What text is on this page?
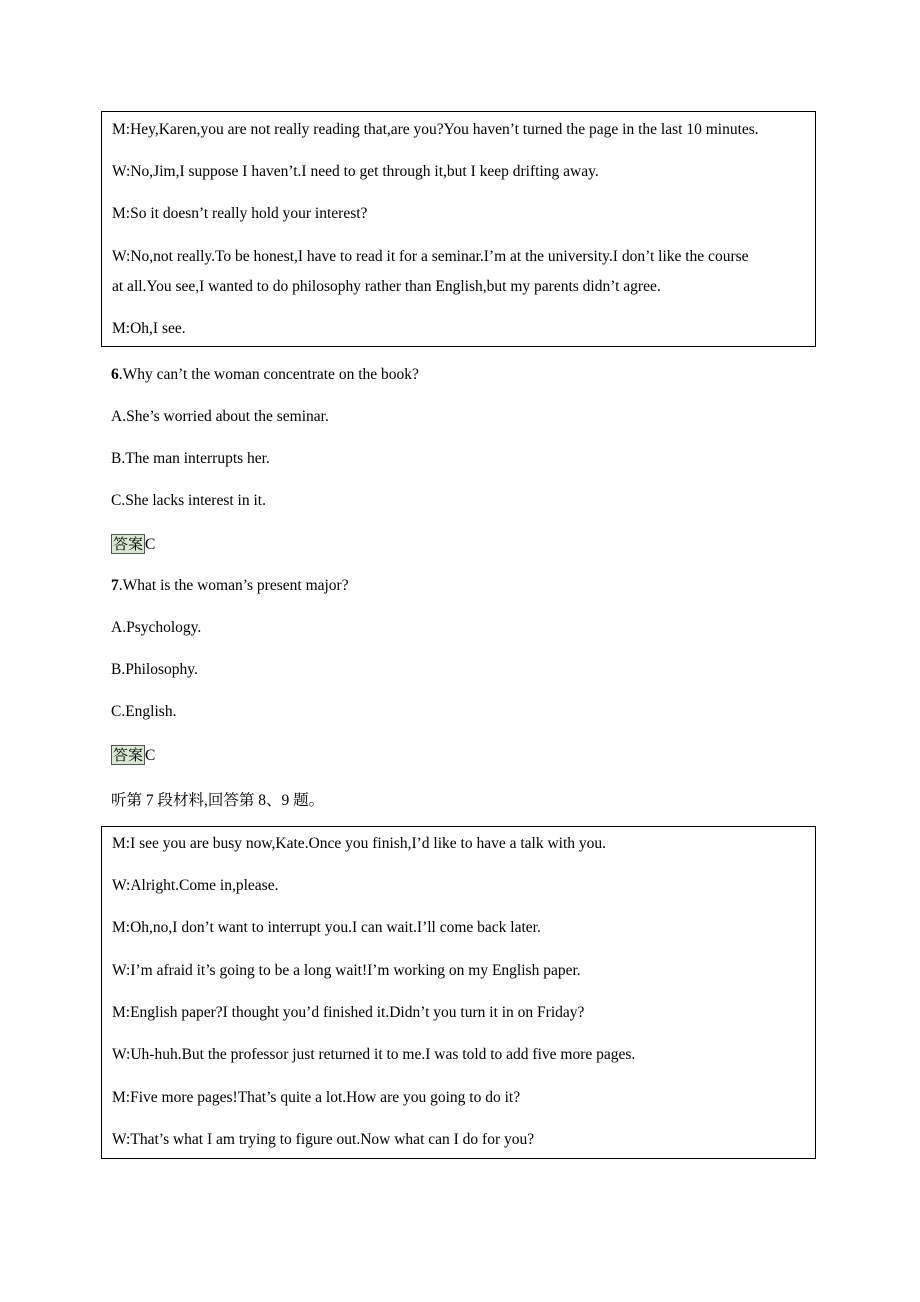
M:Hey,Karen,you are not really reading that,are you?You haven’t turned the page in the last 10 minutes.
W:No,Jim,I suppose I haven’t.I need to get through it,but I keep drifting away.
M:So it doesn’t really hold your interest?
W:No,not really.To be honest,I have to read it for a seminar.I’m at the university.I don’t like the course
at all.You see,I wanted to do philosophy rather than English,but my parents didn’t agree.
M:Oh,I see.
6.Why can’t the woman concentrate on the book?
A.She’s worried about the seminar.
B.The man interrupts her.
C.She lacks interest in it.
答案 C
7.What is the woman’s present major?
A.Psychology.
B.Philosophy.
C.English.
答案 C
听第 7 段材料,回答第 8、9 题。
M:I see you are busy now,Kate.Once you finish,I’d like to have a talk with you.
W:Alright.Come in,please.
M:Oh,no,I don’t want to interrupt you.I can wait.I’ll come back later.
W:I’m afraid it’s going to be a long wait!I’m working on my English paper.
M:English paper?I thought you’d finished it.Didn’t you turn it in on Friday?
W:Uh-huh.But the professor just returned it to me.I was told to add five more pages.
M:Five more pages!That’s quite a lot.How are you going to do it?
W:That’s what I am trying to figure out.Now what can I do for you?
